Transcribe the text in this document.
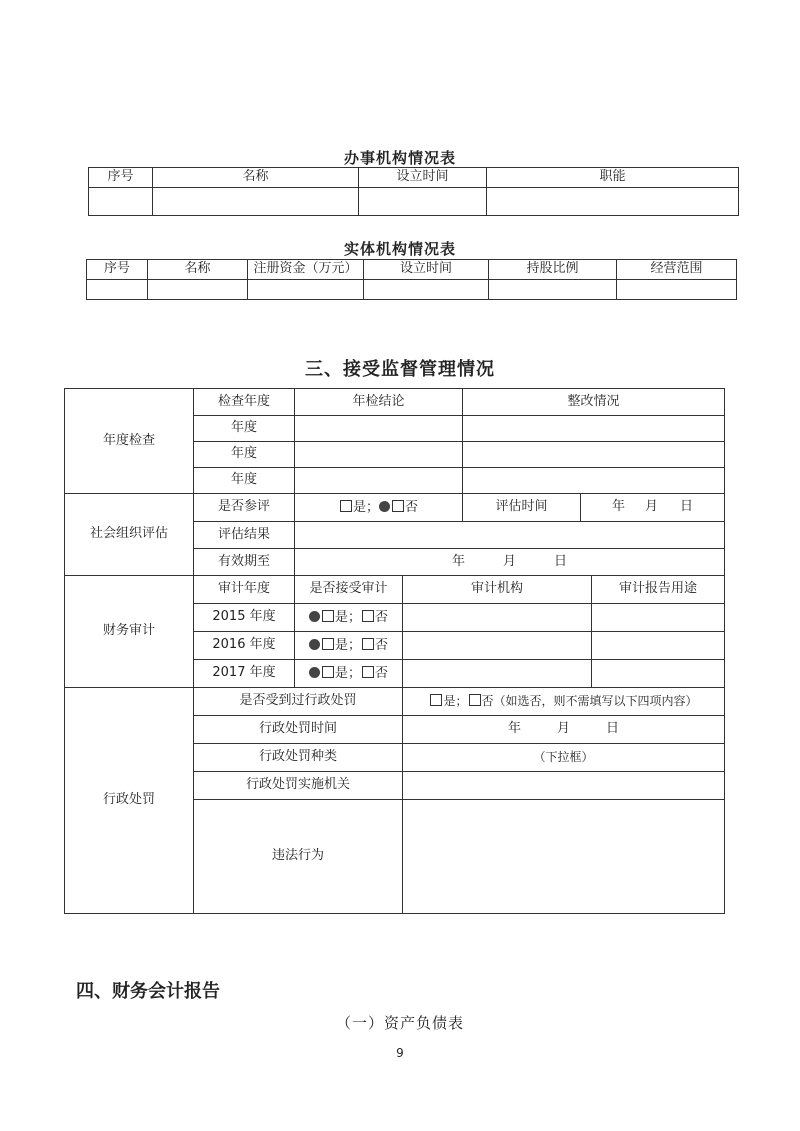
办事机构情况表
序号	名称	设立时间	职能

实体机构情况表
序号	名称	注册资金（万元）	设立时间	持股比例	经营范围

三、接受监督管理情况
年度检查	检查年度	年检结论	整改情况
	年度		
	年度		
	年度		
社会组织评估	是否参评	是； 否	评估时间	年 月 日
	评估结果			
	有效期至	年 月 日		
财务审计	审计年度	是否接受审计	审计机构	审计报告用途
	2015 年度	是； 否		
	2016 年度	是； 否		
	2017 年度	是； 否		
行政处罚	是否受到过行政处罚	是； 否（如选否，则不需填写以下四项内容）
	行政处罚时间	年 月 日
	行政处罚种类	（下拉框）
	行政处罚实施机关	
	违法行为	
四、财务会计报告
（一）资产负债表
9
